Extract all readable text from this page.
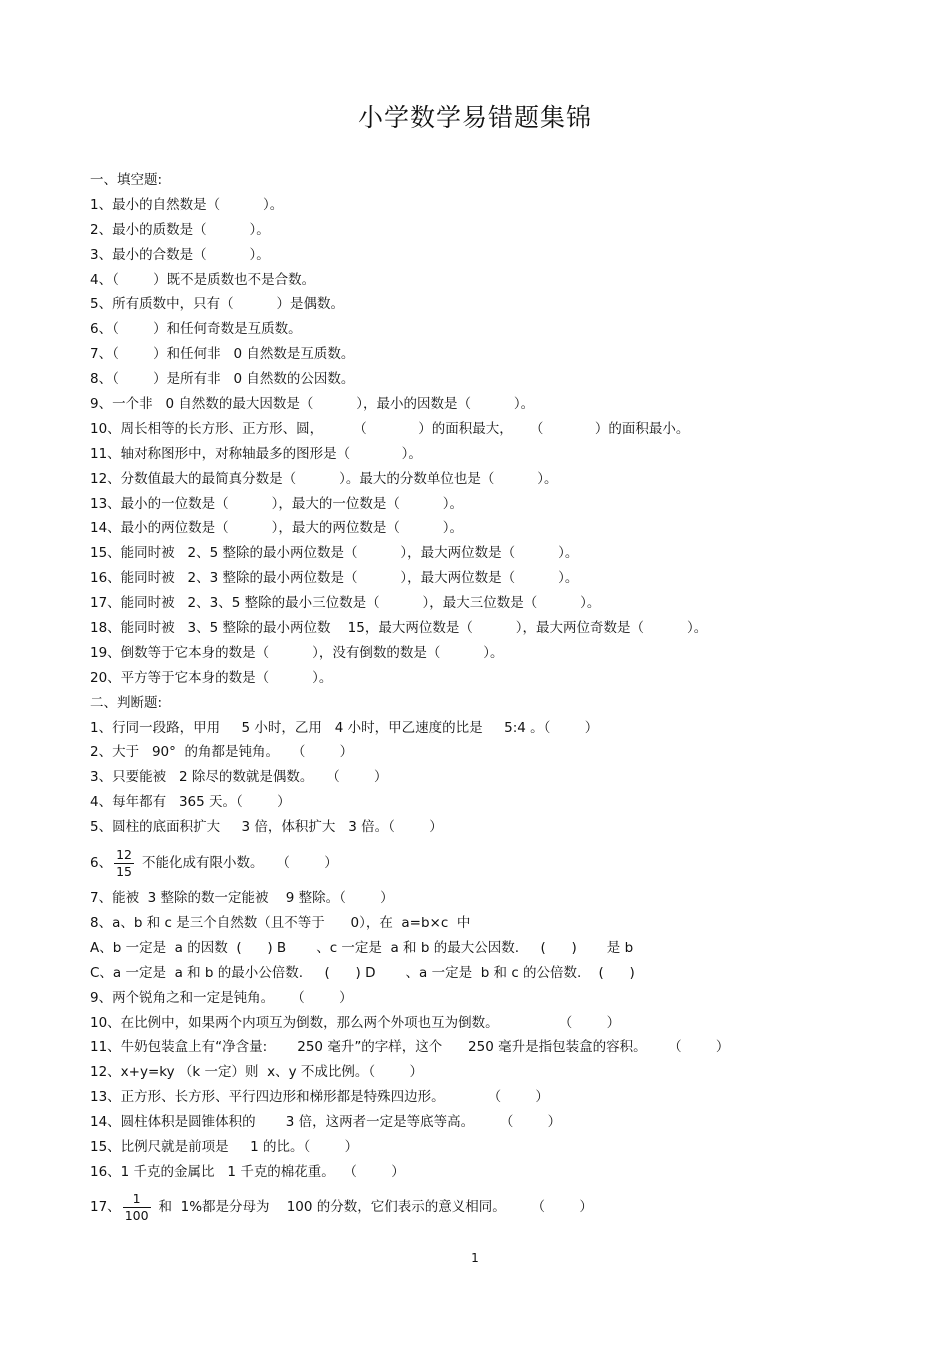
小学数学易错题集锦
一、填空题:
1、最小的自然数是（          ）。
2、最小的质数是（          ）。
3、最小的合数是（          ）。
4、（        ）既不是质数也不是合数。
5、所有质数中，只有（          ）是偶数。
6、（        ）和任何奇数是互质数。
7、（        ）和任何非   0 自然数是互质数。
8、（        ）是所有非   0 自然数的公因数。
9、一个非   0 自然数的最大因数是（          ），最小的因数是（          ）。
10、周长相等的长方形、正方形、圆，       （            ）的面积最大，    （            ）的面积最小。
11、轴对称图形中，对称轴最多的图形是（            ）。
12、分数值最大的最简真分数是（          ）。最大的分数单位也是（          ）。
13、最小的一位数是（          ），最大的一位数是（          ）。
14、最小的两位数是（          ），最大的两位数是（          ）。
15、能同时被   2、5 整除的最小两位数是（          ），最大两位数是（          ）。
16、能同时被   2、3 整除的最小两位数是（          ），最大两位数是（          ）。
17、能同时被   2、3、5 整除的最小三位数是（          ），最大三位数是（          ）。
18、能同时被   3、5 整除的最小两位数    15，最大两位数是（          ），最大两位奇数是（          ）。
19、倒数等于它本身的数是（          ），没有倒数的数是（          ）。
20、平方等于它本身的数是（          ）。
二、判断题:
1、行同一段路，甲用     5 小时，乙用   4 小时，甲乙速度的比是     5:4 。（        ）
2、大于   90°  的角都是钝角。   （        ）
3、只要能被   2 除尽的数就是偶数。   （        ）
4、每年都有   365 天。（        ）
5、圆柱的底面积扩大     3 倍，体积扩大   3 倍。（        ）
6、 $\frac{12}{15}$ 不能化成有限小数。   （        ）
7、能被  3 整除的数一定能被    9 整除。（        ）
8、a、b 和 c 是三个自然数（且不等于      0），在  a=b×c  中
A、b 一定是  a 的因数  (      ) B       、c 一定是  a 和 b 的最大公因数.     (      )       是 b
C、a 一定是  a 和 b 的最小公倍数.     (      ) D       、a 一定是  b 和 c 的公倍数.    (      )
9、两个锐角之和一定是钝角。    （        ）
10、在比例中，如果两个内项互为倒数，那么两个外项也互为倒数。              （        ）
11、牛奶包装盒上有“净含量:       250 毫升”的字样，这个      250 毫升是指包装盒的容积。     （        ）
12、x+y=ky （k 一定）则  x、y 不成比例。（        ）
13、正方形、长方形、平行四边形和梯形都是特殊四边形。          （        ）
14、圆柱体积是圆锥体积的       3 倍，这两者一定是等底等高。      （        ）
15、比例尺就是前项是     1 的比。（        ）
16、1 千克的金属比   1 千克的棉花重。  （        ）
17、 $\frac{1}{100}$ 和  1%都是分母为    100 的分数，它们表示的意义相同。      （        ）
1
